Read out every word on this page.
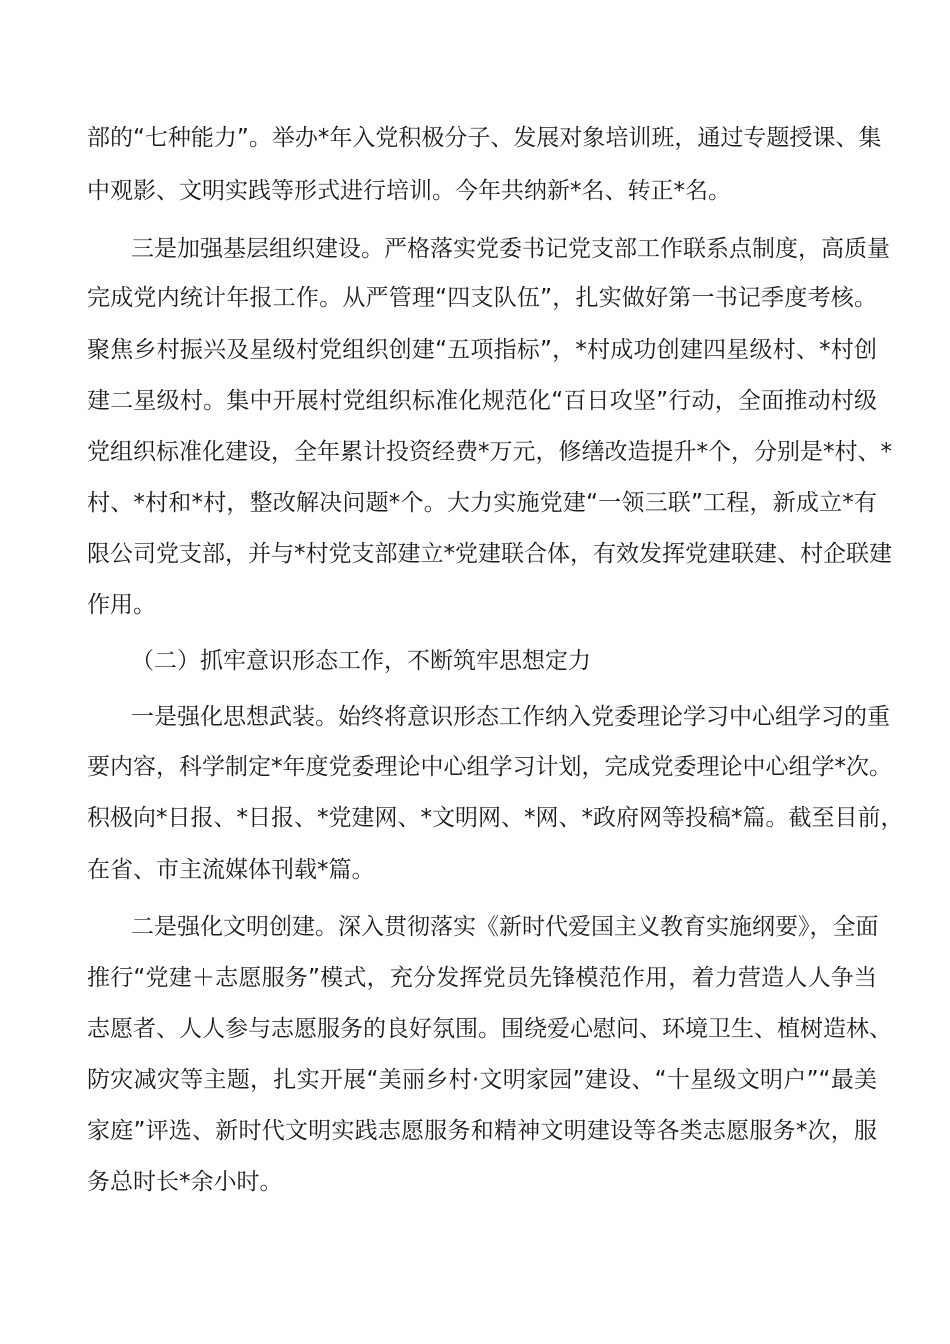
部的“七种能力”。举办*年入党积极分子、发展对象培训班，通过专题授课、集
中观影、文明实践等形式进行培训。今年共纳新*名、转正*名。
三是加强基层组织建设。严格落实党委书记党支部工作联系点制度，高质量
完成党内统计年报工作。从严管理“四支队伍”，扎实做好第一书记季度考核。
聚焦乡村振兴及星级村党组织创建“五项指标”，*村成功创建四星级村、*村创
建二星级村。集中开展村党组织标准化规范化“百日攻坚”行动，全面推动村级
党组织标准化建设，全年累计投资经费*万元，修缮改造提升*个，分别是*村、*
村、*村和*村，整改解决问题*个。大力实施党建“一领三联”工程，新成立*有
限公司党支部，并与*村党支部建立*党建联合体，有效发挥党建联建、村企联建
作用。
（二）抓牢意识形态工作，不断筑牢思想定力
一是强化思想武装。始终将意识形态工作纳入党委理论学习中心组学习的重
要内容，科学制定*年度党委理论中心组学习计划，完成党委理论中心组学*次。
积极向*日报、*日报、*党建网、*文明网、*网、*政府网等投稿*篇。截至目前，
在省、市主流媒体刊载*篇。
二是强化文明创建。深入贯彻落实《新时代爱国主义教育实施纲要》，全面
推行“党建＋志愿服务”模式，充分发挥党员先锋模范作用，着力营造人人争当
志愿者、人人参与志愿服务的良好氛围。围绕爱心慰问、环境卫生、植树造林、
防灾减灾等主题，扎实开展“美丽乡村·文明家园”建设、“十星级文明户”“最美
家庭”评选、新时代文明实践志愿服务和精神文明建设等各类志愿服务*次，服
务总时长*余小时。
